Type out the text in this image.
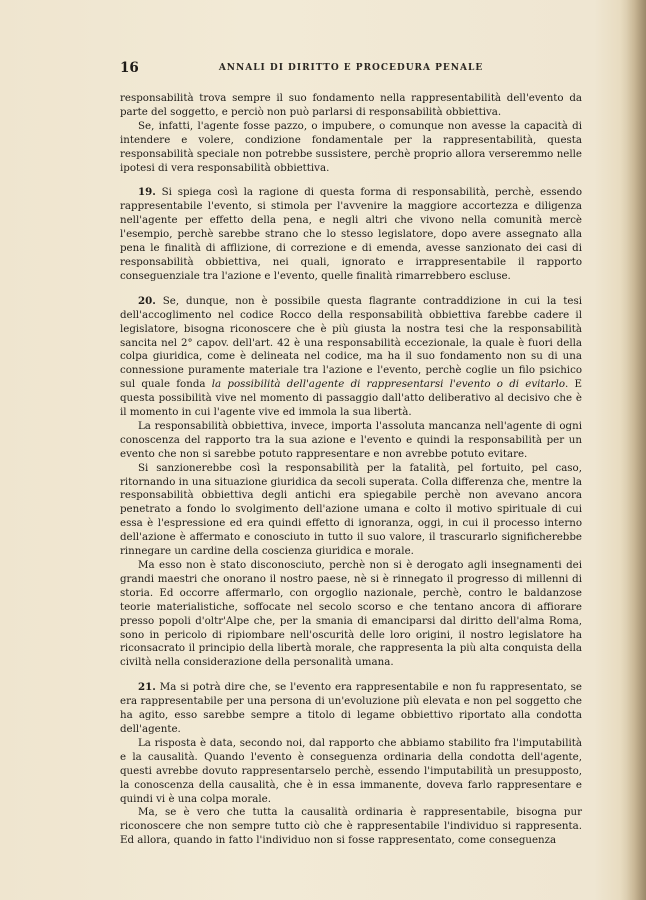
16	ANNALI DI DIRITTO E PROCEDURA PENALE

responsabilità trova sempre il suo fondamento nella rappresentabilità dell'evento da parte del soggetto, e perciò non può parlarsi di responsabilità obbiettiva.

Se, infatti, l'agente fosse pazzo, o impubere, o comunque non avesse la capacità di intendere e volere, condizione fondamentale per la rappresentabilità, questa responsabilità speciale non potrebbe sussistere, perchè proprio allora verseremmo nelle ipotesi di vera responsabilità obbiettiva.

19. Si spiega così la ragione di questa forma di responsabilità, perchè, essendo rappresentabile l'evento, si stimola per l'avvenire la maggiore accortezza e diligenza nell'agente per effetto della pena, e negli altri che vivono nella comunità mercè l'esempio, perchè sarebbe strano che lo stesso legislatore, dopo avere assegnato alla pena le finalità di afflizione, di correzione e di emenda, avesse sanzionato dei casi di responsabilità obbiettiva, nei quali, ignorato e irrappresentabile il rapporto conseguenziale tra l'azione e l'evento, quelle finalità rimarrebbero escluse.

20. Se, dunque, non è possibile questa flagrante contraddizione in cui la tesi dell'accoglimento nel codice Rocco della responsabilità obbiettiva farebbe cadere il legislatore, bisogna riconoscere che è più giusta la nostra tesi che la responsabilità sancita nel 2° capov. dell'art. 42 è una responsabilità eccezionale, la quale è fuori della colpa giuridica, come è delineata nel codice, ma ha il suo fondamento non su di una connessione puramente materiale tra l'azione e l'evento, perchè coglie un filo psichico sul quale fonda la possibilità dell'agente di rappresentarsi l'evento o di evitarlo. E questa possibilità vive nel momento di passaggio dall'atto deliberativo al decisivo che è il momento in cui l'agente vive ed immola la sua libertà.

La responsabilità obbiettiva, invece, importa l'assoluta mancanza nell'agente di ogni conoscenza del rapporto tra la sua azione e l'evento e quindi la responsabilità per un evento che non si sarebbe potuto rappresentare e non avrebbe potuto evitare.

Si sanzionerebbe così la responsabilità per la fatalità, pel fortuito, pel caso, ritornando in una situazione giuridica da secoli superata. Colla differenza che, mentre la responsabilità obbiettiva degli antichi era spiegabile perchè non avevano ancora penetrato a fondo lo svolgimento dell'azione umana e colto il motivo spirituale di cui essa è l'espressione ed era quindi effetto di ignoranza, oggi, in cui il processo interno dell'azione è affermato e conosciuto in tutto il suo valore, il trascurarlo significherebbe rinnegare un cardine della coscienza giuridica e morale.

Ma esso non è stato disconosciuto, perchè non si è derogato agli insegnamenti dei grandi maestri che onorano il nostro paese, nè si è rinnegato il progresso di millenni di storia. Ed occorre affermarlo, con orgoglio nazionale, perchè, contro le baldanzose teorie materialistiche, soffocate nel secolo scorso e che tentano ancora di affiorare presso popoli d'oltr'Alpe che, per la smania di emanciparsi dal diritto dell'alma Roma, sono in pericolo di ripiombare nell'oscurità delle loro origini, il nostro legislatore ha riconsacrato il principio della libertà morale, che rappresenta la più alta conquista della civiltà nella considerazione della personalità umana.

21. Ma si potrà dire che, se l'evento era rappresentabile e non fu rappresentato, se era rappresentabile per una persona di un'evoluzione più elevata e non pel soggetto che ha agito, esso sarebbe sempre a titolo di legame obbiettivo riportato alla condotta dell'agente.

La risposta è data, secondo noi, dal rapporto che abbiamo stabilito fra l'imputabilità e la causalità. Quando l'evento è conseguenza ordinaria della condotta dell'agente, questi avrebbe dovuto rappresentarselo perchè, essendo l'imputabilità un presupposto, la conoscenza della causalità, che è in essa immanente, doveva farlo rappresentare e quindi vi è una colpa morale.

Ma, se è vero che tutta la causalità ordinaria è rappresentabile, bisogna pur riconoscere che non sempre tutto ciò che è rappresentabile l'individuo si rappresenta. Ed allora, quando in fatto l'individuo non si fosse rappresentato, come conseguenza
